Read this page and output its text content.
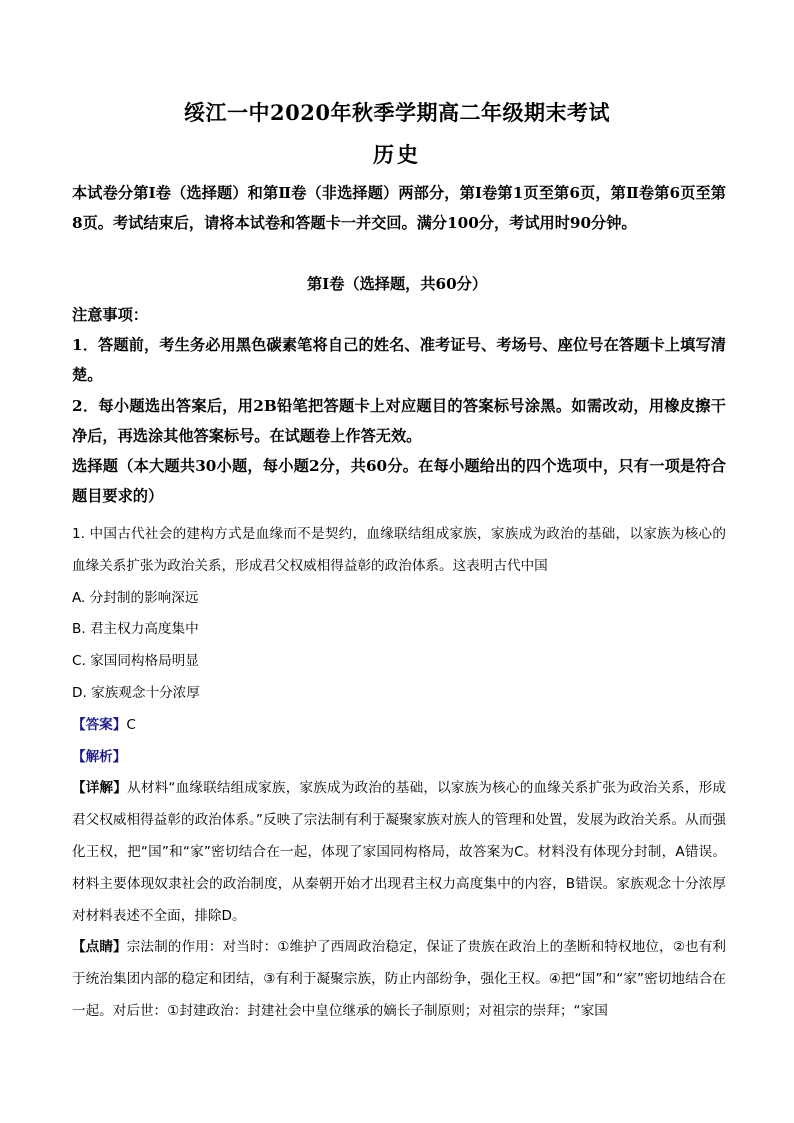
绥江一中2020年秋季学期高二年级期末考试
历史

本试卷分第Ⅰ卷（选择题）和第Ⅱ卷（非选择题）两部分，第Ⅰ卷第1页至第6页，第Ⅱ卷第6页至第8页。考试结束后，请将本试卷和答题卡一并交回。满分100分，考试用时90分钟。

第Ⅰ卷（选择题，共60分）

注意事项：

1．答题前，考生务必用黑色碳素笔将自己的姓名、准考证号、考场号、座位号在答题卡上填写清楚。

2．每小题选出答案后，用2B铅笔把答题卡上对应题目的答案标号涂黑。如需改动，用橡皮擦干净后，再选涂其他答案标号。在试题卷上作答无效。

选择题（本大题共30小题，每小题2分，共60分。在每小题给出的四个选项中，只有一项是符合题目要求的）

1. 中国古代社会的建构方式是血缘而不是契约，血缘联结组成家族，家族成为政治的基础，以家族为核心的血缘关系扩张为政治关系，形成君父权威相得益彰的政治体系。这表明古代中国

A. 分封制的影响深远

B. 君主权力高度集中

C. 家国同构格局明显

D. 家族观念十分浓厚

【答案】C

【解析】

【详解】从材料“血缘联结组成家族，家族成为政治的基础，以家族为核心的血缘关系扩张为政治关系，形成君父权威相得益彰的政治体系。”反映了宗法制有利于凝聚家族对族人的管理和处置，发展为政治关系。从而强化王权，把“国”和“家”密切结合在一起，体现了家国同构格局，故答案为C。材料没有体现分封制，A错误。材料主要体现奴隶社会的政治制度，从秦朝开始才出现君主权力高度集中的内容，B错误。家族观念十分浓厚对材料表述不全面，排除D。

【点睛】宗法制的作用：对当时：①维护了西周政治稳定，保证了贵族在政治上的垄断和特权地位，②也有利于统治集团内部的稳定和团结，③有利于凝聚宗族，防止内部纷争，强化王权。④把“国”和“家”密切地结合在一起。对后世：①封建政治：封建社会中皇位继承的嫡长子制原则；对祖宗的崇拜；“家国
